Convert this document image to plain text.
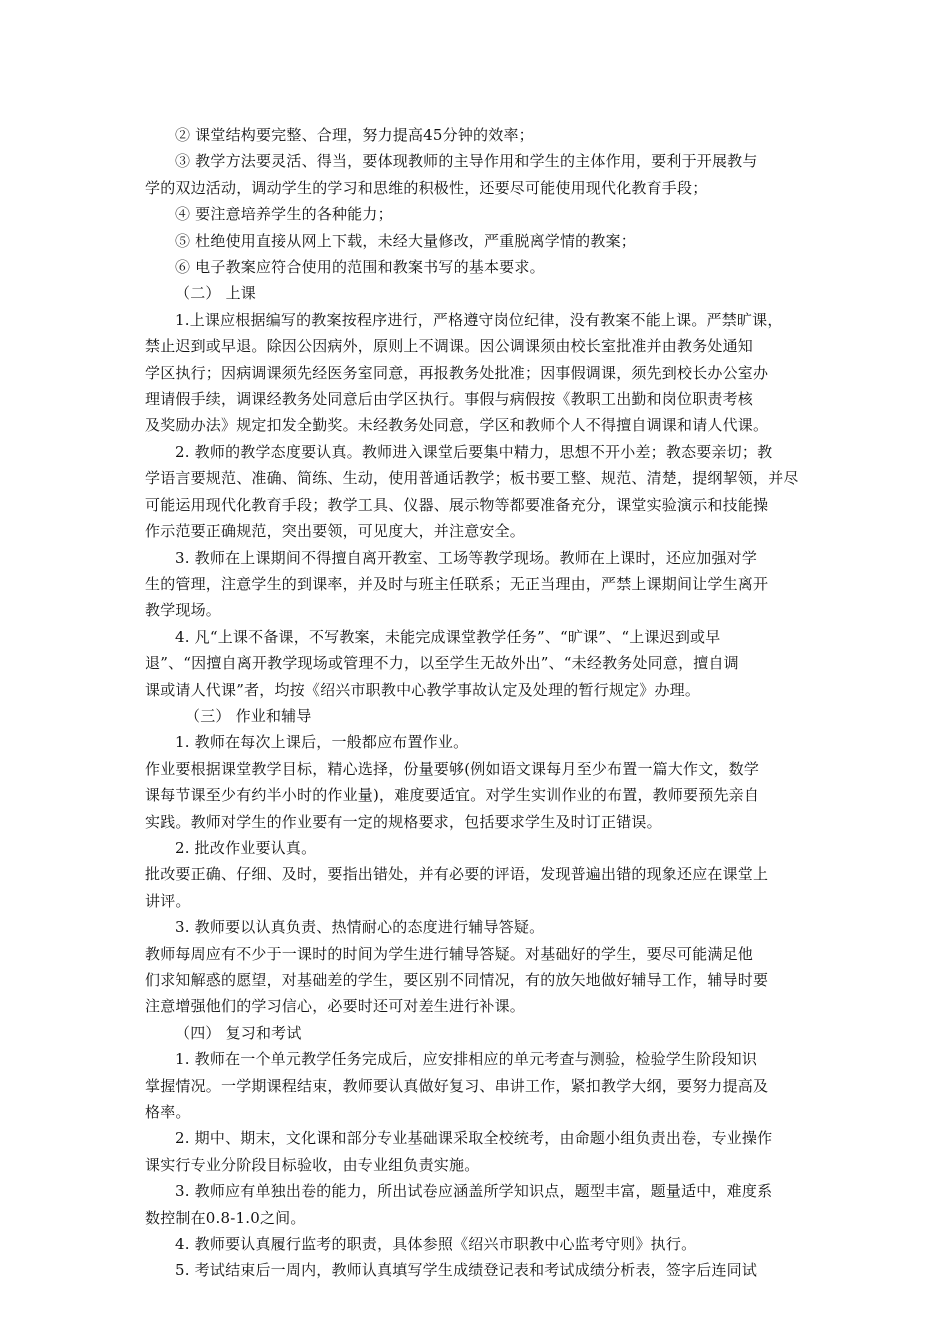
② 课堂结构要完整、合理，努力提高45分钟的效率；
③ 教学方法要灵活、得当，要体现教师的主导作用和学生的主体作用，要利于开展教与
学的双边活动，调动学生的学习和思维的积极性，还要尽可能使用现代化教育手段；
④ 要注意培养学生的各种能力；
⑤ 杜绝使用直接从网上下载，未经大量修改，严重脱离学情的教案；
⑥ 电子教案应符合使用的范围和教案书写的基本要求。
（二） 上课
1.上课应根据编写的教案按程序进行，严格遵守岗位纪律，没有教案不能上课。严禁旷课，
禁止迟到或早退。除因公因病外，原则上不调课。因公调课须由校长室批准并由教务处通知
学区执行；因病调课须先经医务室同意，再报教务处批准；因事假调课，须先到校长办公室办
理请假手续，调课经教务处同意后由学区执行。事假与病假按《教职工出勤和岗位职责考核
及奖励办法》规定扣发全勤奖。未经教务处同意，学区和教师个人不得擅自调课和请人代课。
2. 教师的教学态度要认真。教师进入课堂后要集中精力，思想不开小差；教态要亲切；教
学语言要规范、准确、简练、生动，使用普通话教学；板书要工整、规范、清楚，提纲挈领，并尽
可能运用现代化教育手段；教学工具、仪器、展示物等都要准备充分，课堂实验演示和技能操
作示范要正确规范，突出要领，可见度大，并注意安全。
3. 教师在上课期间不得擅自离开教室、工场等教学现场。教师在上课时，还应加强对学
生的管理，注意学生的到课率，并及时与班主任联系；无正当理由，严禁上课期间让学生离开
教学现场。
4. 凡“上课不备课，不写教案，未能完成课堂教学任务”、“旷课”、“上课迟到或早
退”、“因擅自离开教学现场或管理不力，以至学生无故外出”、“未经教务处同意，擅自调
课或请人代课”者，均按《绍兴市职教中心教学事故认定及处理的暂行规定》办理。
（三） 作业和辅导
1. 教师在每次上课后，一般都应布置作业。
作业要根据课堂教学目标，精心选择，份量要够(例如语文课每月至少布置一篇大作文，数学
课每节课至少有约半小时的作业量)，难度要适宜。对学生实训作业的布置，教师要预先亲自
实践。教师对学生的作业要有一定的规格要求，包括要求学生及时订正错误。
2. 批改作业要认真。
批改要正确、仔细、及时，要指出错处，并有必要的评语，发现普遍出错的现象还应在课堂上
讲评。
3. 教师要以认真负责、热情耐心的态度进行辅导答疑。
教师每周应有不少于一课时的时间为学生进行辅导答疑。对基础好的学生，要尽可能满足他
们求知解惑的愿望，对基础差的学生，要区别不同情况，有的放矢地做好辅导工作，辅导时要
注意增强他们的学习信心，必要时还可对差生进行补课。
（四） 复习和考试
1. 教师在一个单元教学任务完成后，应安排相应的单元考查与测验，检验学生阶段知识
掌握情况。一学期课程结束，教师要认真做好复习、串讲工作，紧扣教学大纲，要努力提高及
格率。
2. 期中、期末，文化课和部分专业基础课采取全校统考，由命题小组负责出卷，专业操作
课实行专业分阶段目标验收，由专业组负责实施。
3. 教师应有单独出卷的能力，所出试卷应涵盖所学知识点，题型丰富，题量适中，难度系
数控制在0.8-1.0之间。
4. 教师要认真履行监考的职责，具体参照《绍兴市职教中心监考守则》执行。
5. 考试结束后一周内，教师认真填写学生成绩登记表和考试成绩分析表，签字后连同试
